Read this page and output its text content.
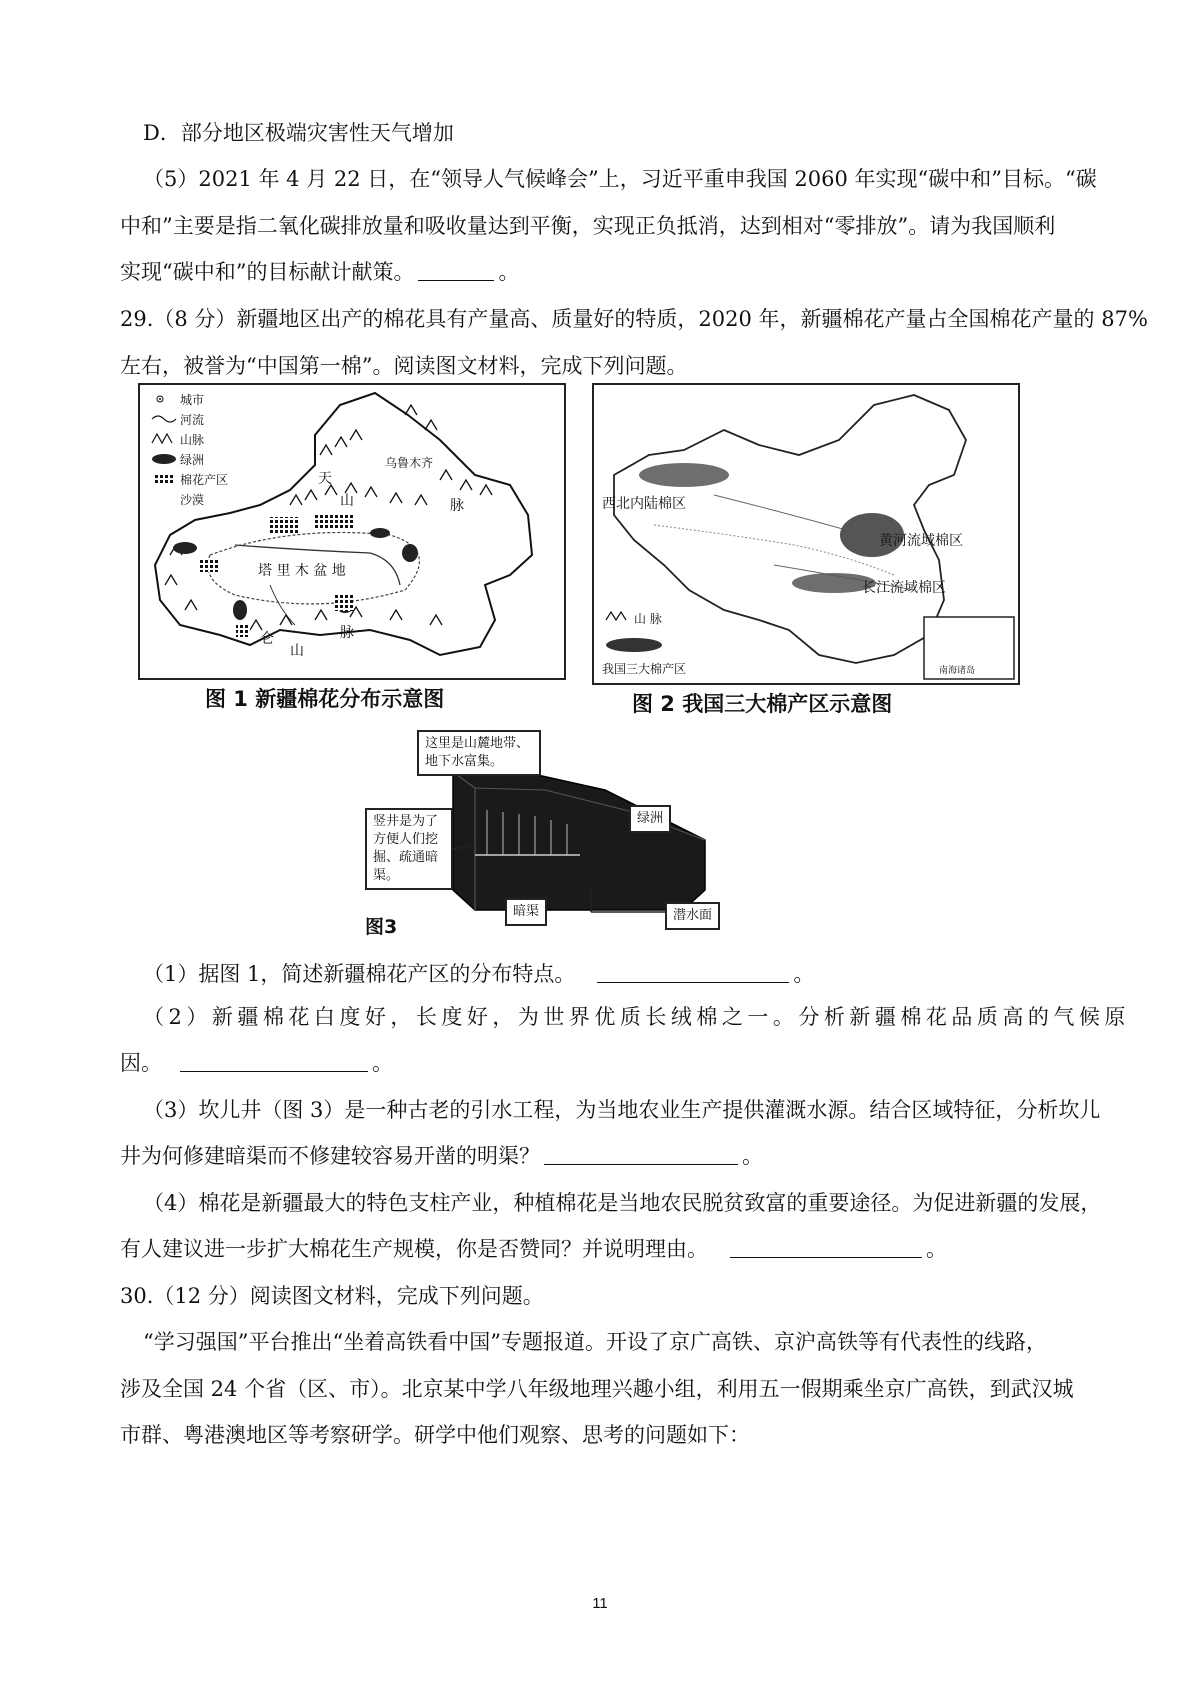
D．部分地区极端灾害性天气增加
（5）2021 年 4 月 22 日，在“领导人气候峰会”上，习近平重申我国 2060 年实现“碳中和”目标。“碳
中和”主要是指二氧化碳排放量和吸收量达到平衡，实现正负抵消，达到相对“零排放”。请为我国顺利
实现“碳中和”的目标献计献策。	。
29.（8 分）新疆地区出产的棉花具有产量高、质量好的特质，2020 年，新疆棉花产量占全国棉花产量的 87%
左右，被誉为“中国第一棉”。阅读图文材料，完成下列问题。
城市
河流
山脉
绿洲
棉花产区
沙漠
天
山	脉
乌鲁木齐
塔 里 木 盆 地
仑
山
脉
图 1 新疆棉花分布示意图
西北内陆棉区
黄河流域棉区
长江流域棉区
山 脉
我国三大棉产区	南海诸岛
图 2 我国三大棉产区示意图
这里是山麓地带、地下水富集。
竖井是为了方便人们挖掘、疏通暗渠。
绿洲
暗渠	潜水面
图3
（1）据图 1，简述新疆棉花产区的分布特点。	。
（2）新疆棉花白度好，长度好，为世界优质长绒棉之一。分析新疆棉花品质高的气候原
因。	。
（3）坎儿井（图 3）是一种古老的引水工程，为当地农业生产提供灌溉水源。结合区域特征，分析坎儿
井为何修建暗渠而不修建较容易开凿的明渠？	。
（4）棉花是新疆最大的特色支柱产业，种植棉花是当地农民脱贫致富的重要途径。为促进新疆的发展，
有人建议进一步扩大棉花生产规模，你是否赞同？并说明理由。	。
30.（12 分）阅读图文材料，完成下列问题。
“学习强国”平台推出“坐着高铁看中国”专题报道。开设了京广高铁、京沪高铁等有代表性的线路，
涉及全国 24 个省（区、市）。北京某中学八年级地理兴趣小组，利用五一假期乘坐京广高铁，到武汉城
市群、粤港澳地区等考察研学。研学中他们观察、思考的问题如下：
11
